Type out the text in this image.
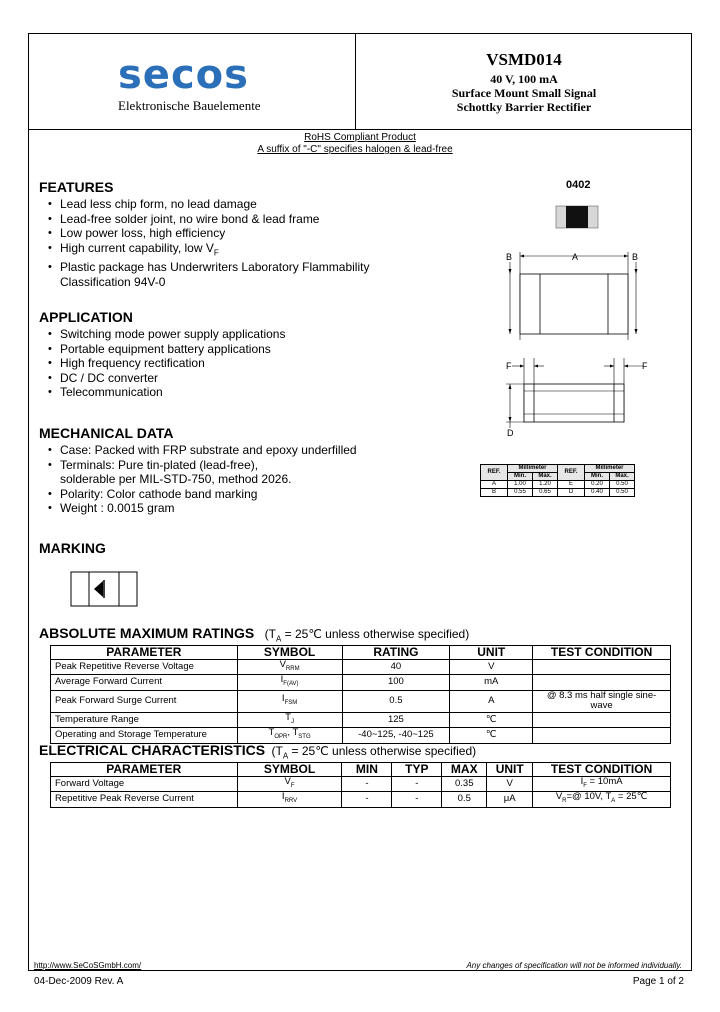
secos
Elektronische Bauelemente
VSMD014
40 V, 100 mA
Surface Mount Small Signal
Schottky Barrier Rectifier
RoHS Compliant Product
A suffix of "-C" specifies halogen & lead-free
FEATURES
• Lead less chip form, no lead damage
• Lead-free solder joint, no wire bond & lead frame
• Low power loss, high efficiency
• High current capability, low $V_F$
• Plastic package has Underwriters Laboratory Flammability
Classification 94V-0
APPLICATION
• Switching mode power supply applications
• Portable equipment battery applications
• High frequency rectification
• DC / DC converter
• Telecommunication
MECHANICAL DATA
• Case: Packed with FRP substrate and epoxy underfilled
• Terminals: Pure tin-plated (lead-free),
solderable per MIL-STD-750, method 2026.
• Polarity: Color cathode band marking
• Weight : 0.0015 gram
MARKING
0402
B	A	B
F	F
D
REF.	Millimeter		REF.	Millimeter	
	Min.	Max.		Min.	Max.
A	1.00	1.20	E	0.20	0.50
B	0.55	0.65	D	0.40	0.50
ABSOLUTE MAXIMUM RATINGS ($T_A$ = 25℃ unless otherwise specified)
PARAMETER	SYMBOL	RATING	UNIT	TEST CONDITION
Peak Repetitive Reverse Voltage	$V_{RRM}$	40	V	
Average Forward Current	$I_{F(AV)}$	100	mA	
Peak Forward Surge Current	$I_{FSM}$	0.5	A	@ 8.3 ms half single sine-wave
Temperature Range	$T_J$	125	℃	
Operating and Storage Temperature	$T_{OPR}$, $T_{STG}$	-40~125, -40~125	℃	
ELECTRICAL CHARACTERISTICS ($T_A$ = 25℃ unless otherwise specified)
PARAMETER	SYMBOL	MIN	TYP	MAX	UNIT	TEST CONDITION
Forward Voltage	$V_F$	-	-	0.35	V	$I_F = 10mA$
Repetitive Peak Reverse Current	$I_{RRV}$	-	-	0.5	μA	$V_R=@$ 10V, $T_A$ = 25℃
http://www.SeCoSGmbH.com/	Any changes of specification will not be informed individually.
04-Dec-2009 Rev. A	Page 1 of 2
